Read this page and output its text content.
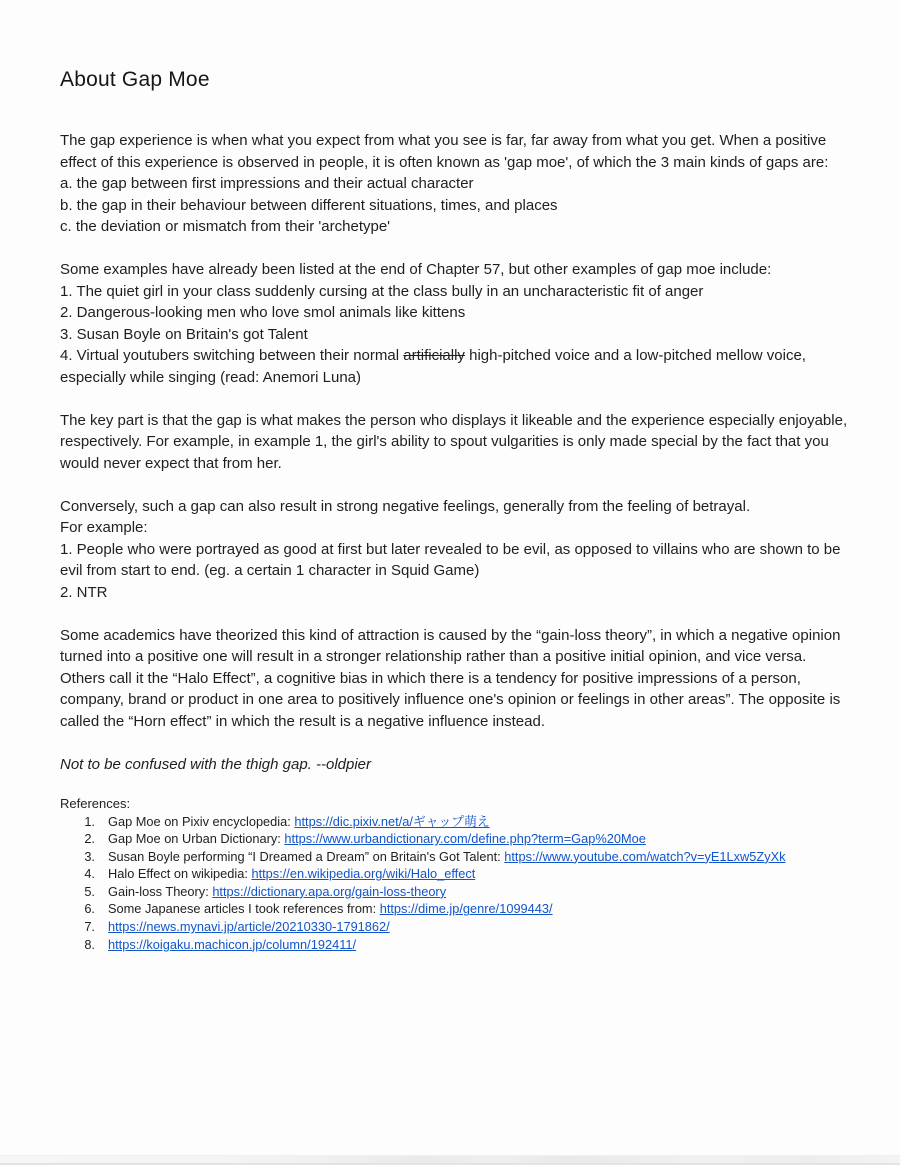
About Gap Moe

The gap experience is when what you expect from what you see is far, far away from what you get. When a positive effect of this experience is observed in people, it is often known as 'gap moe', of which the 3 main kinds of gaps are:

a. the gap between first impressions and their actual character
b. the gap in their behaviour between different situations, times, and places
c. the deviation or mismatch from their 'archetype'

Some examples have already been listed at the end of Chapter 57, but other examples of gap moe include:

1. The quiet girl in your class suddenly cursing at the class bully in an uncharacteristic fit of anger
2. Dangerous-looking men who love smol animals like kittens
3. Susan Boyle on Britain's got Talent
4. Virtual youtubers switching between their normal artificially high-pitched voice and a low-pitched mellow voice, especially while singing (read: Anemori Luna)

The key part is that the gap is what makes the person who displays it likeable and the experience especially enjoyable, respectively. For example, in example 1, the girl's ability to spout vulgarities is only made special by the fact that you would never expect that from her.

Conversely, such a gap can also result in strong negative feelings, generally from the feeling of betrayal.

For example:

1. People who were portrayed as good at first but later revealed to be evil, as opposed to villains who are shown to be evil from start to end. (eg. a certain 1 character in Squid Game)

2. NTR

Some academics have theorized this kind of attraction is caused by the “gain-loss theory”, in which a negative opinion turned into a positive one will result in a stronger relationship rather than a positive initial opinion, and vice versa. Others call it the “Halo Effect”, a cognitive bias in which there is a tendency for positive impressions of a person, company, brand or product in one area to positively influence one's opinion or feelings in other areas”. The opposite is called the “Horn effect” in which the result is a negative influence instead.

Not to be confused with the thigh gap. --oldpier

References:

1.	Gap Moe on Pixiv encyclopedia: https://dic.pixiv.net/a/ギャップ萌え
2.	Gap Moe on Urban Dictionary: https://www.urbandictionary.com/define.php?term=Gap%20Moe
3.	Susan Boyle performing “I Dreamed a Dream” on Britain's Got Talent: https://www.youtube.com/watch?v=yE1Lxw5ZyXk
4.	Halo Effect on wikipedia: https://en.wikipedia.org/wiki/Halo_effect
5.	Gain-loss Theory: https://dictionary.apa.org/gain-loss-theory
6.	Some Japanese articles I took references from: https://dime.jp/genre/1099443/
7.	https://news.mynavi.jp/article/20210330-1791862/
8.	https://koigaku.machicon.jp/column/192411/
